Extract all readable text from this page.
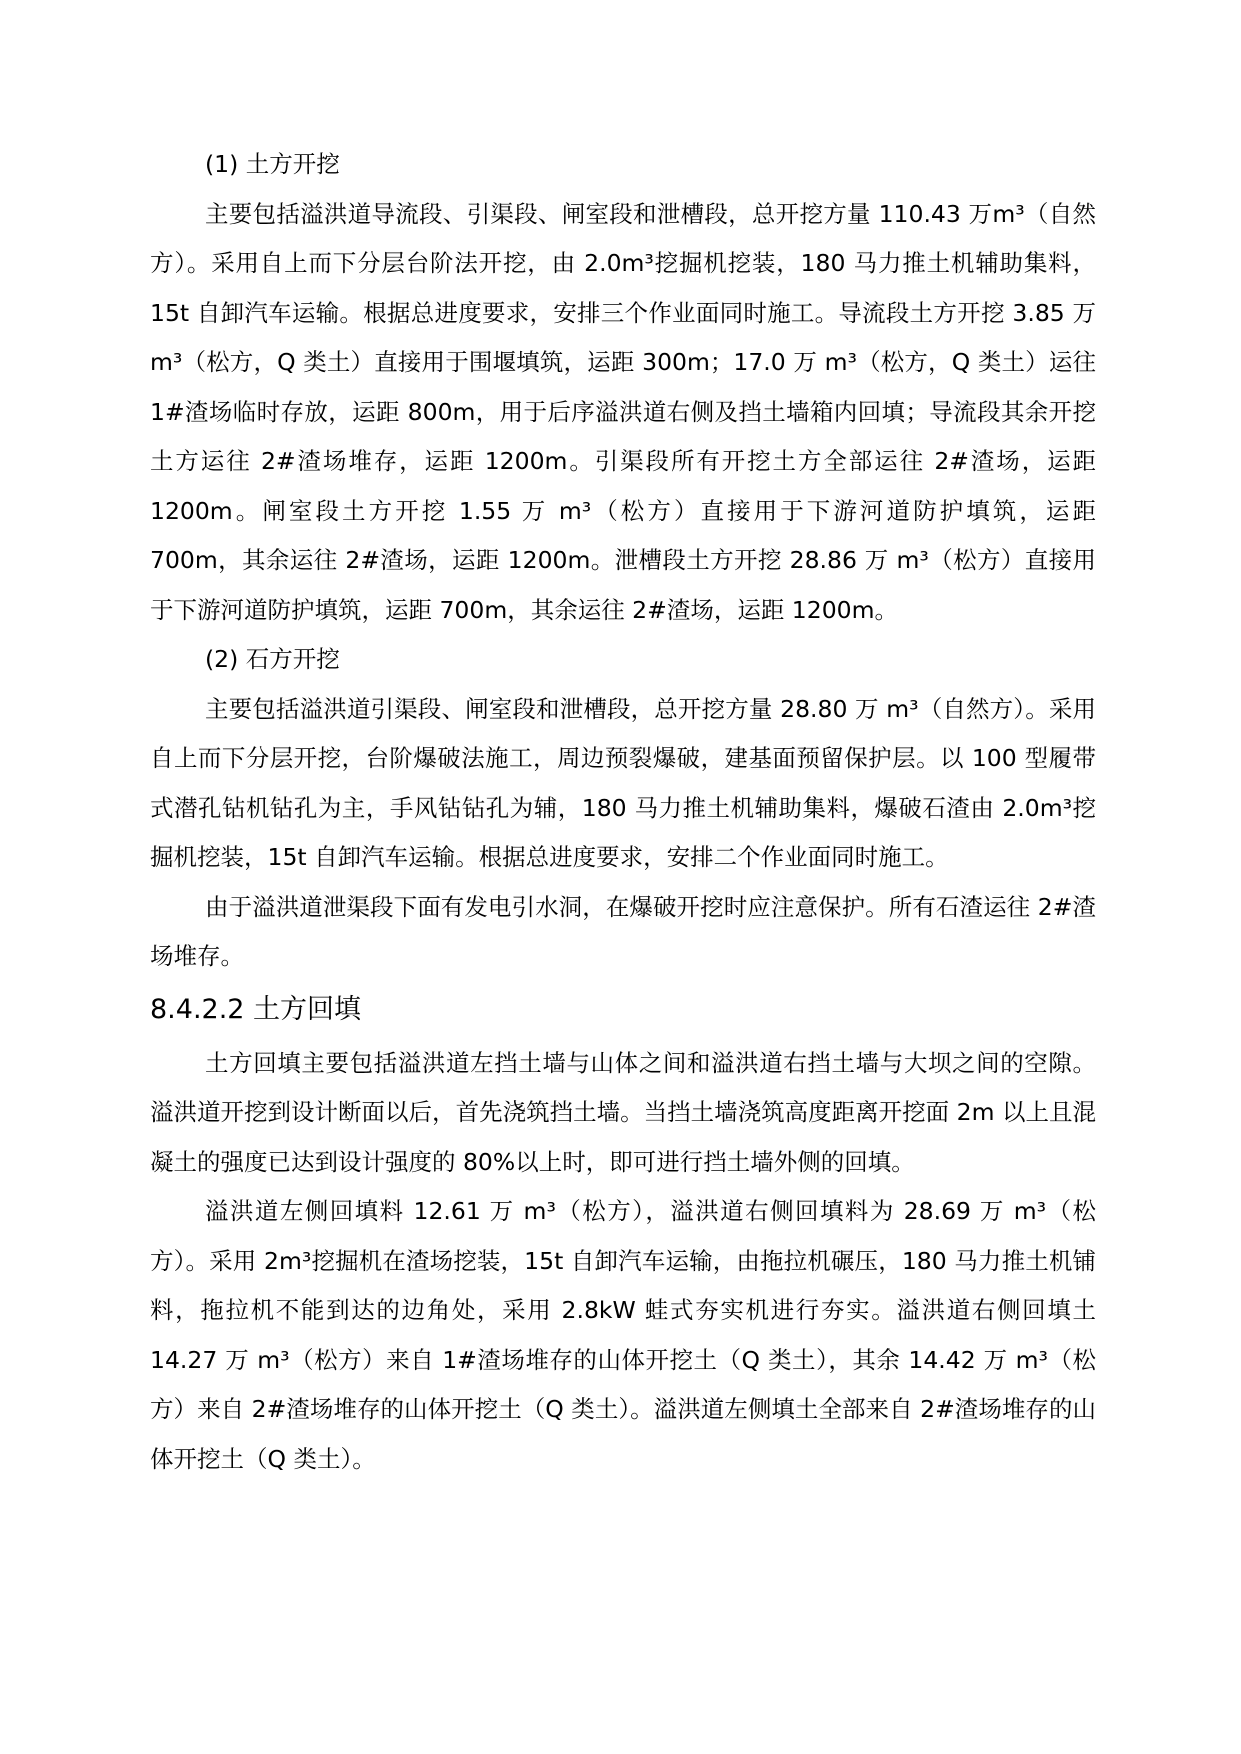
(1) 土方开挖

主要包括溢洪道导流段、引渠段、闸室段和泄槽段，总开挖方量 110.43 万m³（自然方）。采用自上而下分层台阶法开挖，由 2.0m³挖掘机挖装，180 马力推土机辅助集料，15t 自卸汽车运输。根据总进度要求，安排三个作业面同时施工。导流段土方开挖 3.85 万 m³（松方，Q 类土）直接用于围堰填筑，运距 300m；17.0 万 m³（松方，Q 类土）运往 1#渣场临时存放，运距 800m，用于后序溢洪道右侧及挡土墙箱内回填；导流段其余开挖土方运往 2#渣场堆存，运距 1200m。引渠段所有开挖土方全部运往 2#渣场，运距 1200m。闸室段土方开挖 1.55 万 m³（松方）直接用于下游河道防护填筑，运距 700m，其余运往 2#渣场，运距 1200m。泄槽段土方开挖 28.86 万 m³（松方）直接用于下游河道防护填筑，运距 700m，其余运往 2#渣场，运距 1200m。

(2) 石方开挖

主要包括溢洪道引渠段、闸室段和泄槽段，总开挖方量 28.80 万 m³（自然方）。采用自上而下分层开挖，台阶爆破法施工，周边预裂爆破，建基面预留保护层。以 100 型履带式潜孔钻机钻孔为主，手风钻钻孔为辅，180 马力推土机辅助集料，爆破石渣由 2.0m³挖掘机挖装，15t 自卸汽车运输。根据总进度要求，安排二个作业面同时施工。

由于溢洪道泄渠段下面有发电引水洞，在爆破开挖时应注意保护。所有石渣运往 2#渣场堆存。

8.4.2.2 土方回填

土方回填主要包括溢洪道左挡土墙与山体之间和溢洪道右挡土墙与大坝之间的空隙。溢洪道开挖到设计断面以后，首先浇筑挡土墙。当挡土墙浇筑高度距离开挖面 2m 以上且混凝土的强度已达到设计强度的 80%以上时，即可进行挡土墙外侧的回填。

溢洪道左侧回填料 12.61 万 m³（松方），溢洪道右侧回填料为 28.69 万 m³（松方）。采用 2m³挖掘机在渣场挖装，15t 自卸汽车运输，由拖拉机碾压，180 马力推土机铺料，拖拉机不能到达的边角处，采用 2.8kW 蛙式夯实机进行夯实。溢洪道右侧回填土 14.27 万 m³（松方）来自 1#渣场堆存的山体开挖土（Q 类土），其余 14.42 万 m³（松方）来自 2#渣场堆存的山体开挖土（Q 类土）。溢洪道左侧填土全部来自 2#渣场堆存的山体开挖土（Q 类土）。
